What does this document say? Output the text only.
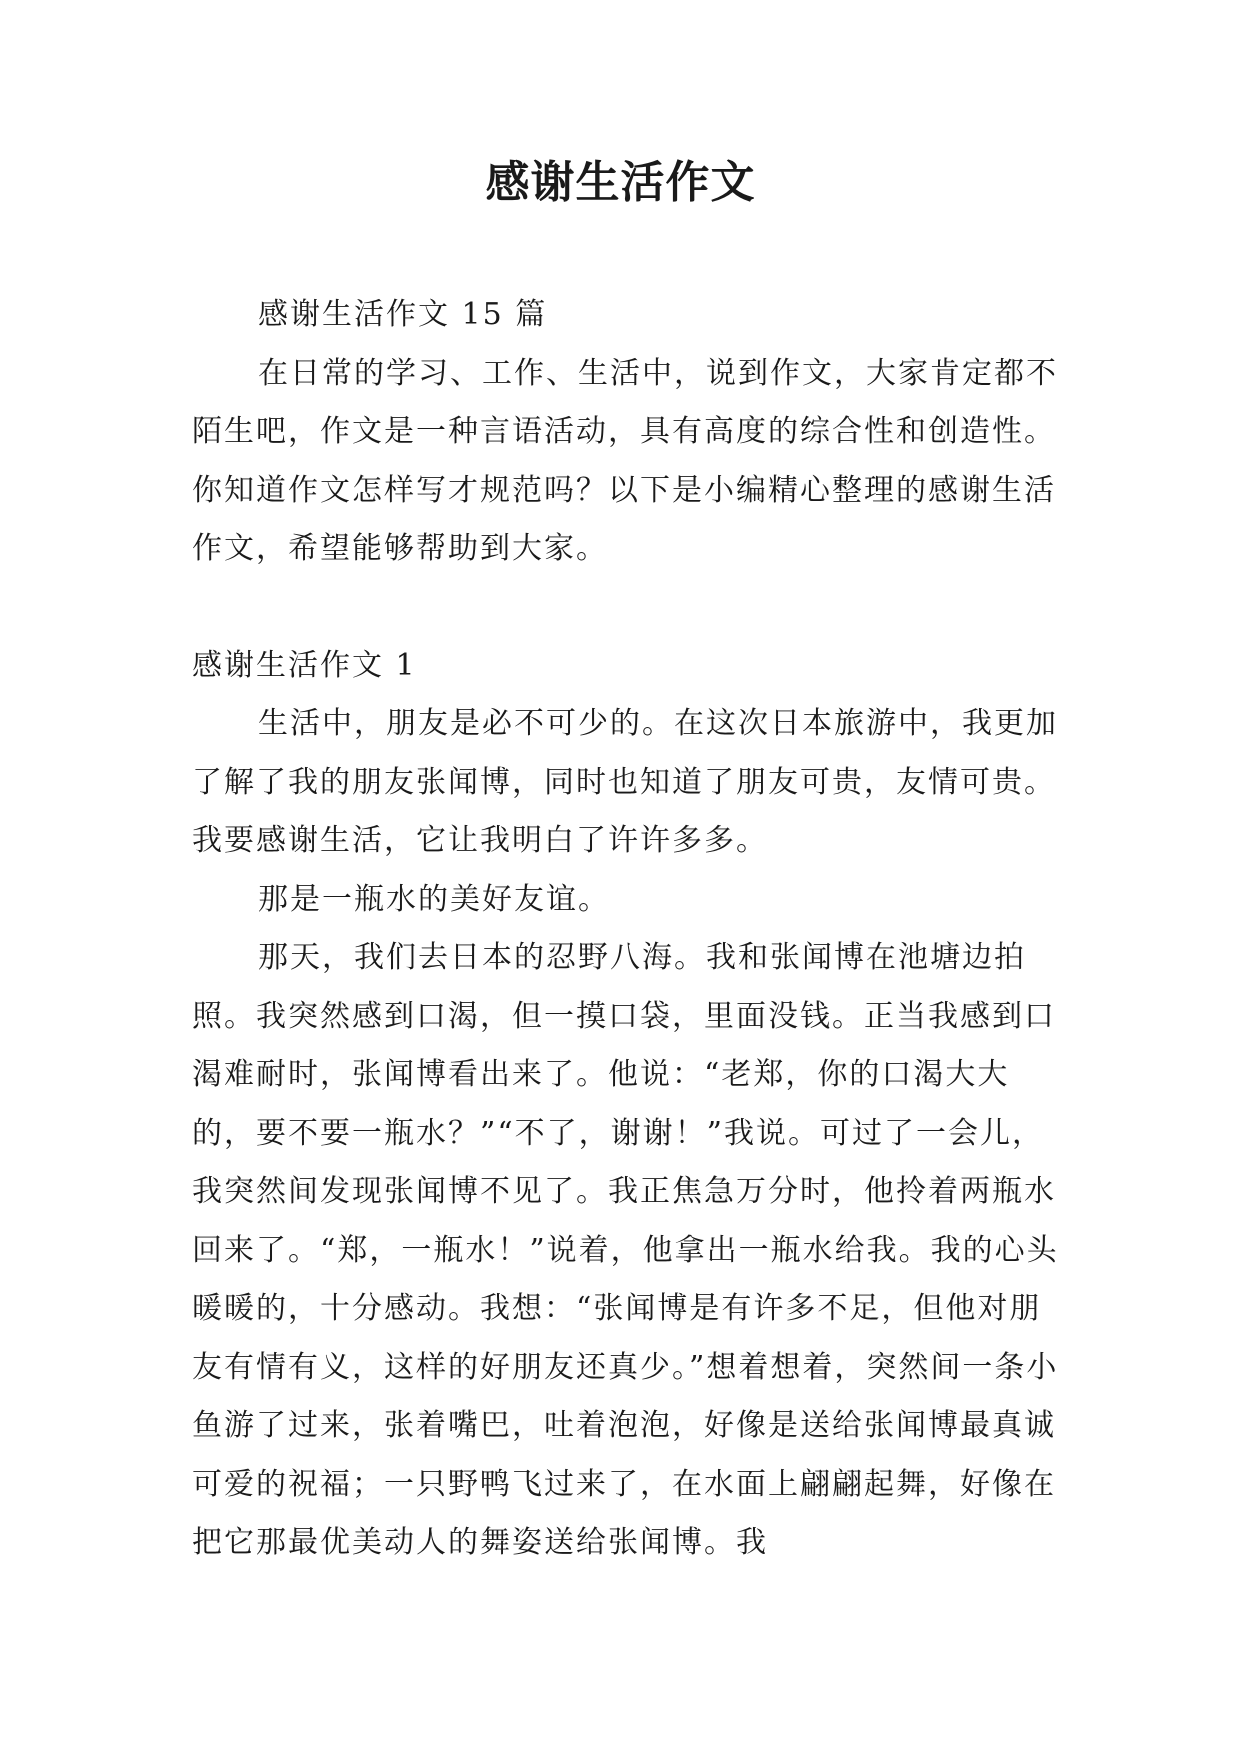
感谢生活作文

感谢生活作文 15 篇

在日常的学习、工作、生活中，说到作文，大家肯定都不陌生吧，作文是一种言语活动，具有高度的综合性和创造性。你知道作文怎样写才规范吗？以下是小编精心整理的感谢生活作文，希望能够帮助到大家。

感谢生活作文 1

生活中，朋友是必不可少的。在这次日本旅游中，我更加了解了我的朋友张闻博，同时也知道了朋友可贵，友情可贵。我要感谢生活，它让我明白了许许多多。

那是一瓶水的美好友谊。

那天，我们去日本的忍野八海。我和张闻博在池塘边拍照。我突然感到口渴，但一摸口袋，里面没钱。正当我感到口渴难耐时，张闻博看出来了。他说：“老郑，你的口渴大大的，要不要一瓶水？”“不了，谢谢！”我说。可过了一会儿，我突然间发现张闻博不见了。我正焦急万分时，他拎着两瓶水回来了。“郑，一瓶水！”说着，他拿出一瓶水给我。我的心头暖暖的，十分感动。我想：“张闻博是有许多不足，但他对朋友有情有义，这样的好朋友还真少。”想着想着，突然间一条小鱼游了过来，张着嘴巴，吐着泡泡，好像是送给张闻博最真诚可爱的祝福；一只野鸭飞过来了，在水面上翩翩起舞，好像在把它那最优美动人的舞姿送给张闻博。我
